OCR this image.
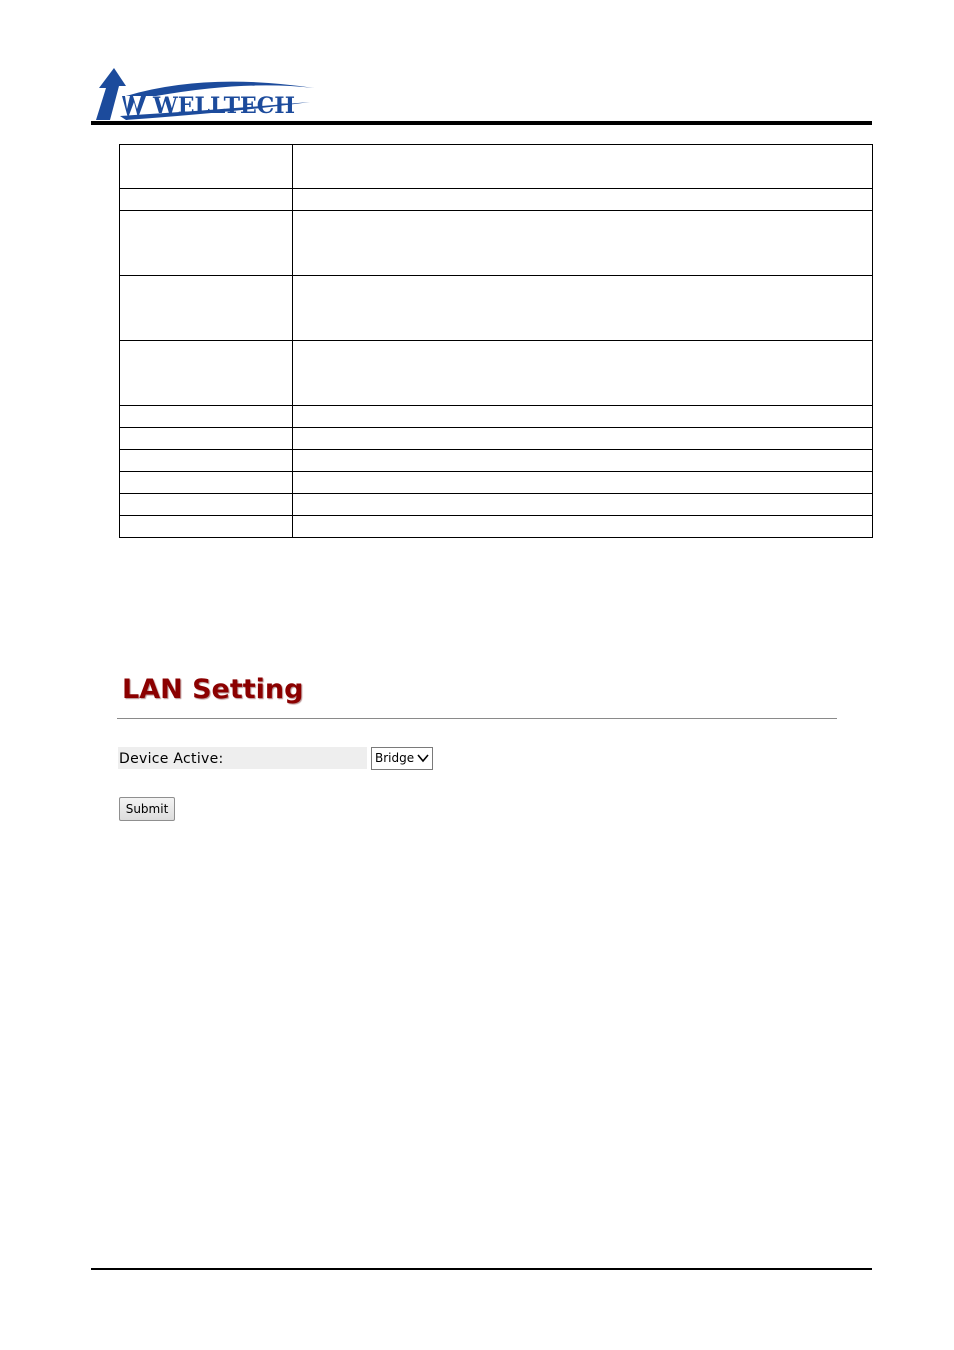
WELLTECH

LAN Setting
Device Active:	Bridge
Submit
